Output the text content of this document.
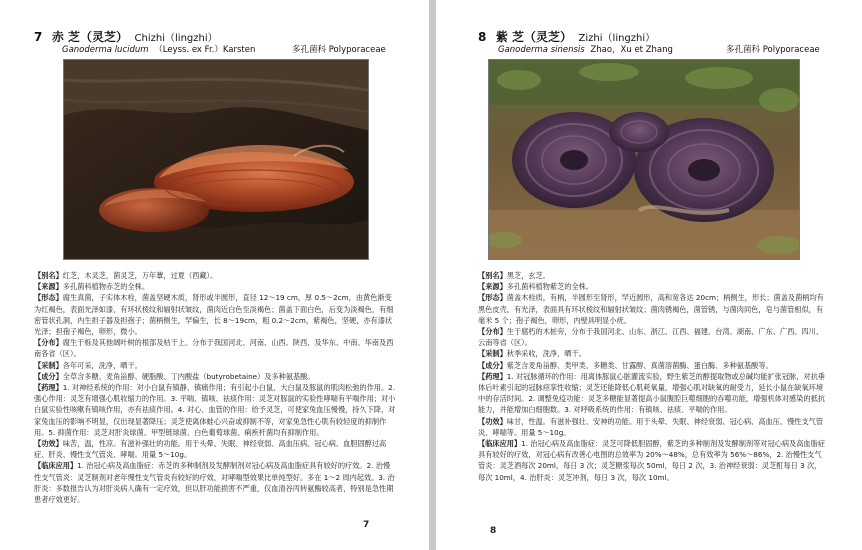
7 赤 芝（灵芝） Chizhi（lingzhi）
Ganoderma lucidum （Leyss. ex Fr.）Karsten	多孔菌科 Polyporaceae

【别名】红芝，木灵芝，菌灵芝，万年蕈，过夏（西藏）。

【来源】多孔菌科植物赤芝的全株。

【形态】腐生真菌，子实体木栓，菌盖坚硬木质，肾形或半圆形，直径 12～19 cm，厚 0.5～2cm，由黄色渐变为红褐色，表面光泽如漆，有环状棱纹和辐射状皱纹，菌肉近白色至淡褐色；菌盖下面白色，后变为淡褐色，有细密管状孔洞，内生担子器及担孢子；菌柄侧生，罕偏生，长 8～19cm，粗 0.2～2cm，紫褐色，坚硬，亦有漆状光泽；担孢子褐色，卵形，微小。

【分布】腐生于栎及其他阔叶树的根部及枯干上。分布于我国河北、河南、山西、陕西、及华东、中南、华南及西南各省（区）。

【采制】各年可采，洗净，晒干。

【成分】全草含多糖、麦角甾醇、硬脂酸、丁内酸盐（butyrobetaine）及多种氨基酸。

【药理】1. 对神经系统的作用：对小白鼠有镇静、镇痛作用；有引起小白鼠、大白鼠及豚鼠的肌肉松弛的作用。2. 强心作用：灵芝有增强心肌收缩力的作用。3. 平喘、镇咳、祛痰作用：灵芝对豚鼠的实验性哮喘有平喘作用；对小白鼠实验性咳嗽有镇咳作用，亦有祛痰作用。4. 对心、血管的作用：给予灵芝，可使家兔血压慢慢，持久下降，对家兔血压的影响不明显，仅出现显著降压；灵芝使离体蛙心兴奋或抑制不等，对家兔急性心肌有较轻度的抑制作用。5. 抑菌作用：灵芝对肝炎球菌、甲型链球菌、白色葡萄球菌、痢疾杆菌均有抑制作用。

【功效】味苦，温，性凉。有滋补强壮的功能。用于头晕、失眠、神经衰弱、高血压病、冠心病、血胆固醇过高症、肝炎、慢性支气管炎、哮喘。用量 5～10g。

【临床应用】1. 治冠心病及高血脂症：赤芝的多种制剂及发酵制剂对冠心病及高血脂症具有较好的疗效。2. 治慢性支气管炎：灵芝制剂对老年慢性支气管炎有较好的疗效，对哮喘型效果比单纯型好。多在 1～2 周内起效。3. 治肝炎：多数报告认为对肝炎病人确有一定疗效，但以肝功能损害不严重，仅血清谷丙转氨酶较高者，特别是急性期患者疗效更好。

7
8 紫 芝（灵芝） Zizhi（lingzhi）
Ganoderma sinensis Zhao，Xu et Zhang	多孔菌科 Polyporaceae

【别名】黑芝，玄芝。

【来源】多孔菌科植物紫芝的全株。

【形态】菌盖木栓质，有柄，半圆形至肾形，罕近圆形，高和宽各达 20cm；柄侧生，形长；菌盖及菌柄均有黑色皮壳，有光泽，表面具有环状棱纹和辐射状皱纹；菌肉锈褐色，菌管锈，与菌肉同色，皂与菌管相似，有毫米 5 个；孢子褐色，卵形，内壁具明显小疣。

【分布】生于腐朽的木桩旁，分布于我国河北、山东、浙江、江西、福建、台湾、湖南、广东、广西、四川、云南等省（区）。

【采制】秋季采收，洗净，晒干。

【成分】紫芝含麦角甾醇、类甲类、多糖类、甘露醇、真菌溶菌酶、蛋白酶、多种氨基酸等。

【药理】1. 对冠脉循环的作用：用离体豚鼠心脏灌流实验，野生紫芝的醇提取物或总碱均能扩张冠脉，对抗垂体后叶素引起的冠脉痉挛性收缩；灵芝还能降低心肌耗氧量，增强心肌对缺氧的耐受力，延长小鼠在缺氧环境中的存活时间。2. 调整免疫功能：灵芝多糖能显著提高小鼠腹腔巨噬细胞的吞噬功能，增强机体对感染的抵抗能力，并能增加白细胞数。3. 对呼吸系统的作用：有镇咳、祛痰、平喘的作用。

【功效】味甘，性温。有滋补强壮、安神的功能。用于头晕、失眠、神经衰弱、冠心病、高血压、慢性支气管炎、哮喘等。用量 5～10g。

【临床应用】1. 治冠心病及高血脂症：灵芝可降低胆固醇，紫芝的多种制剂及发酵制剂等对冠心病及高血脂症具有较好的疗效，对冠心病有改善心电图的总效率为 20%～48%，总有效率为 56%～86%，2. 治慢性支气管炎：灵芝酒每次 20ml，每日 3 次；灵芝糖浆每次 50ml，每日 2 次，3. 治神经衰弱：灵芝酊每日 3 次，每次 10ml，4. 治肝炎：灵芝冲剂，每日 3 次，每次 10ml。

8
